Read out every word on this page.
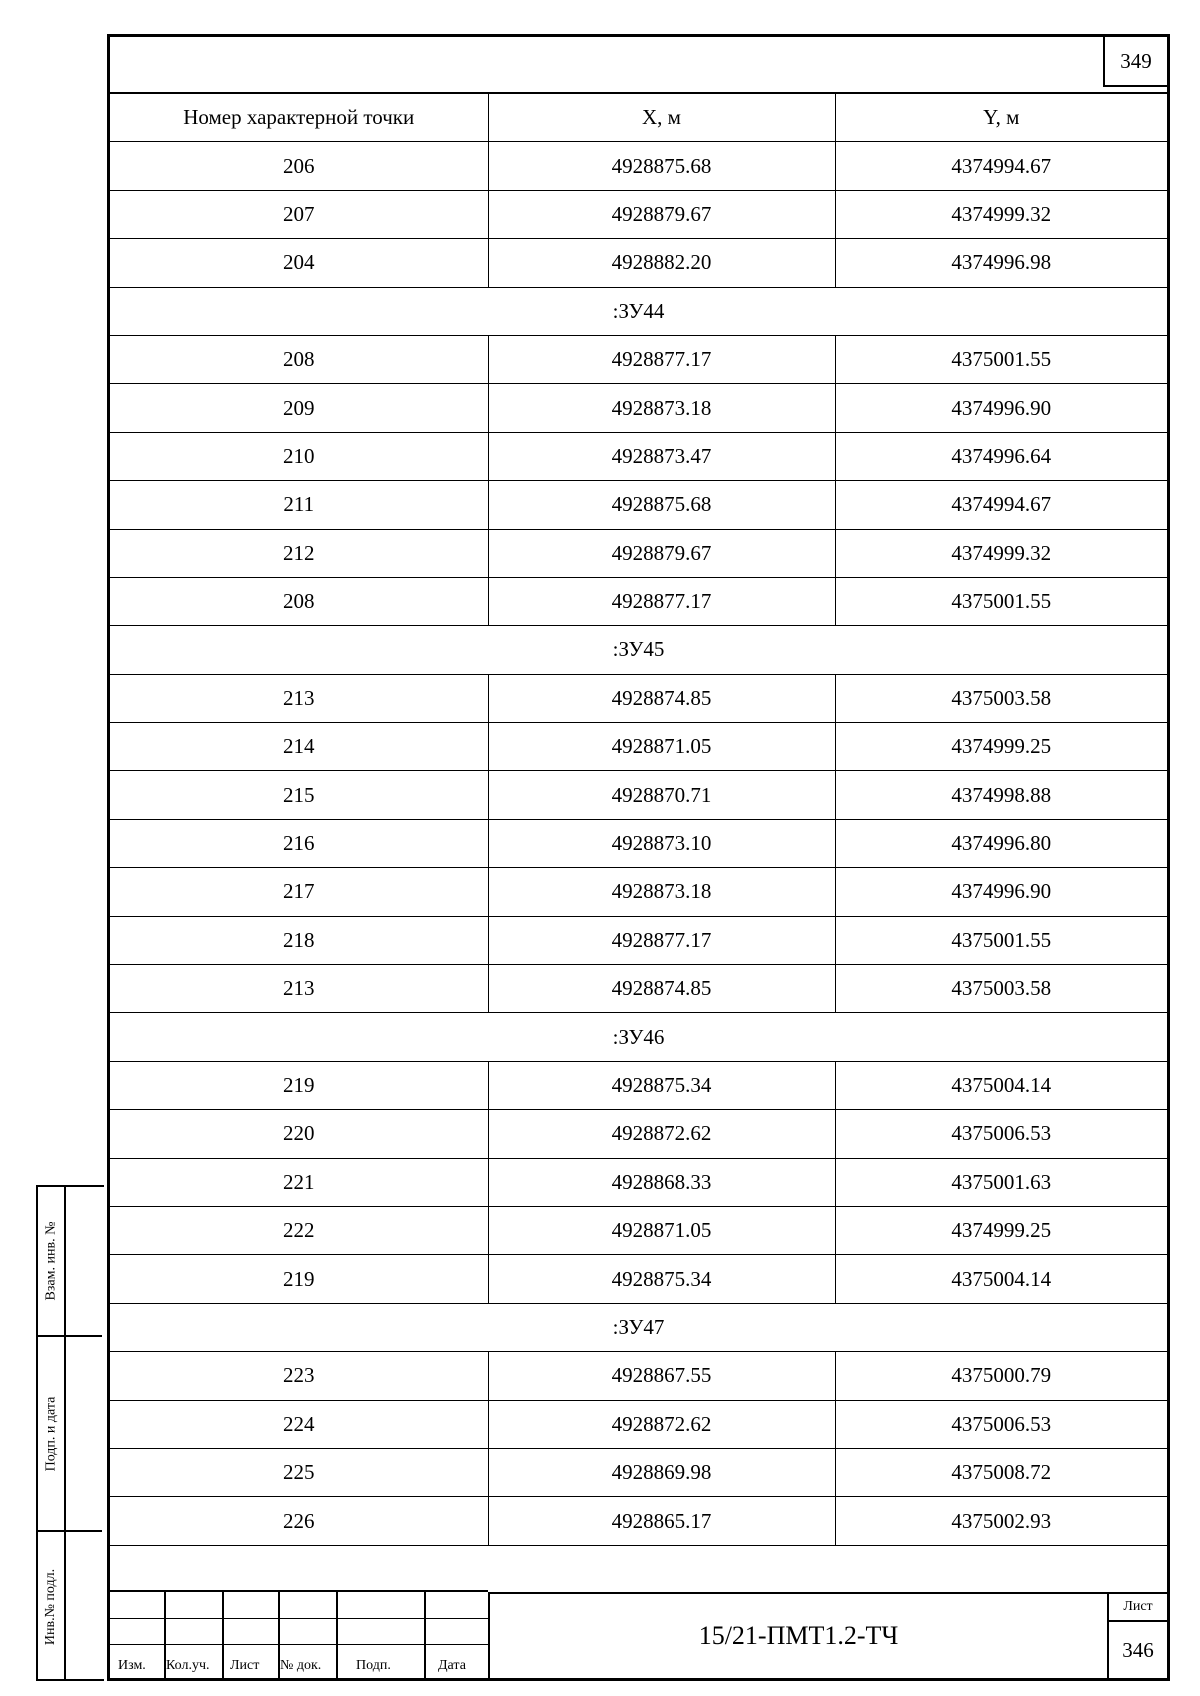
349
Номер характерной точки	X, м	Y, м
206	4928875.68	4374994.67
207	4928879.67	4374999.32
204	4928882.20	4374996.98
:ЗУ44		
208	4928877.17	4375001.55
209	4928873.18	4374996.90
210	4928873.47	4374996.64
211	4928875.68	4374994.67
212	4928879.67	4374999.32
208	4928877.17	4375001.55
:ЗУ45		
213	4928874.85	4375003.58
214	4928871.05	4374999.25
215	4928870.71	4374998.88
216	4928873.10	4374996.80
217	4928873.18	4374996.90
218	4928877.17	4375001.55
213	4928874.85	4375003.58
:ЗУ46		
219	4928875.34	4375004.14
220	4928872.62	4375006.53
221	4928868.33	4375001.63
222	4928871.05	4374999.25
219	4928875.34	4375004.14
:ЗУ47		
223	4928867.55	4375000.79
224	4928872.62	4375006.53
225	4928869.98	4375008.72
226	4928865.17	4375002.93
Изм. Кол.уч. Лист № док. Подп.	Дата
15/21-ПМТ1.2-ТЧ
Лист
346
Взам. инв. №
Подп. и дата
Инв.№ подл.
